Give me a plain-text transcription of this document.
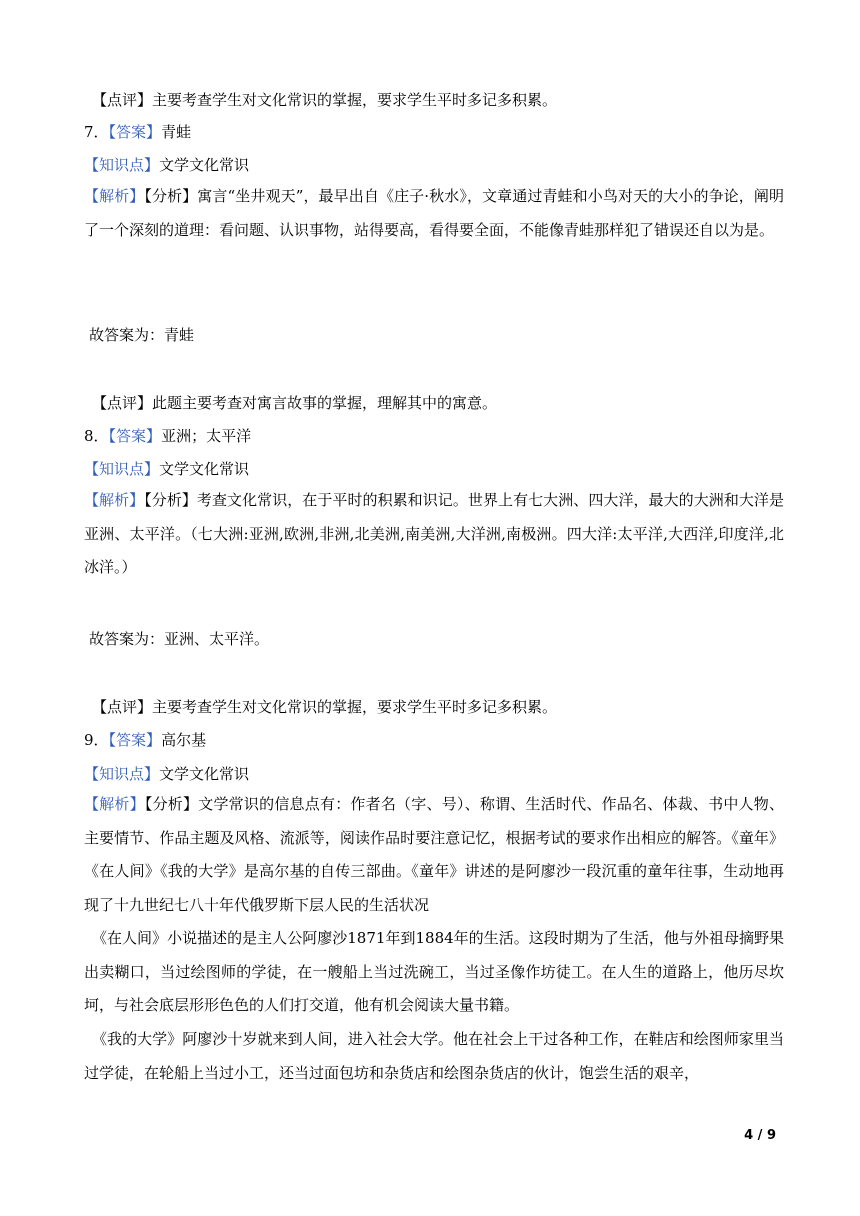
【点评】主要考查学生对文化常识的掌握，要求学生平时多记多积累。
7．【答案】青蛙
【知识点】文学文化常识
【解析】【分析】寓言“坐井观天”，最早出自《庄子·秋水》，文章通过青蛙和小鸟对天的大小的争论，阐明了一个深刻的道理：看问题、认识事物，站得要高，看得要全面，不能像青蛙那样犯了错误还自以为是。
故答案为：青蛙
【点评】此题主要考查对寓言故事的掌握，理解其中的寓意。
8．【答案】亚洲；太平洋
【知识点】文学文化常识
【解析】【分析】考查文化常识，在于平时的积累和识记。世界上有七大洲、四大洋，最大的大洲和大洋是亚洲、太平洋。（七大洲:亚洲,欧洲,非洲,北美洲,南美洲,大洋洲,南极洲。四大洋:太平洋,大西洋,印度洋,北冰洋。）
故答案为：亚洲、太平洋。
【点评】主要考查学生对文化常识的掌握，要求学生平时多记多积累。
9．【答案】高尔基
【知识点】文学文化常识
【解析】【分析】文学常识的信息点有：作者名（字、号）、称谓、生活时代、作品名、体裁、书中人物、主要情节、作品主题及风格、流派等，阅读作品时要注意记忆，根据考试的要求作出相应的解答。《童年》《在人间》《我的大学》是高尔基的自传三部曲。《童年》讲述的是阿廖沙一段沉重的童年往事，生动地再现了十九世纪七八十年代俄罗斯下层人民的生活状况
《在人间》小说描述的是主人公阿廖沙1871年到1884年的生活。这段时期为了生活，他与外祖母摘野果出卖糊口，当过绘图师的学徒，在一艘船上当过洗碗工，当过圣像作坊徒工。在人生的道路上，他历尽坎坷，与社会底层形形色色的人们打交道，他有机会阅读大量书籍。
《我的大学》阿廖沙十岁就来到人间，进入社会大学。他在社会上干过各种工作，在鞋店和绘图师家里当过学徒，在轮船上当过小工，还当过面包坊和杂货店和绘图杂货店的伙计，饱尝生活的艰辛，
4 / 9
